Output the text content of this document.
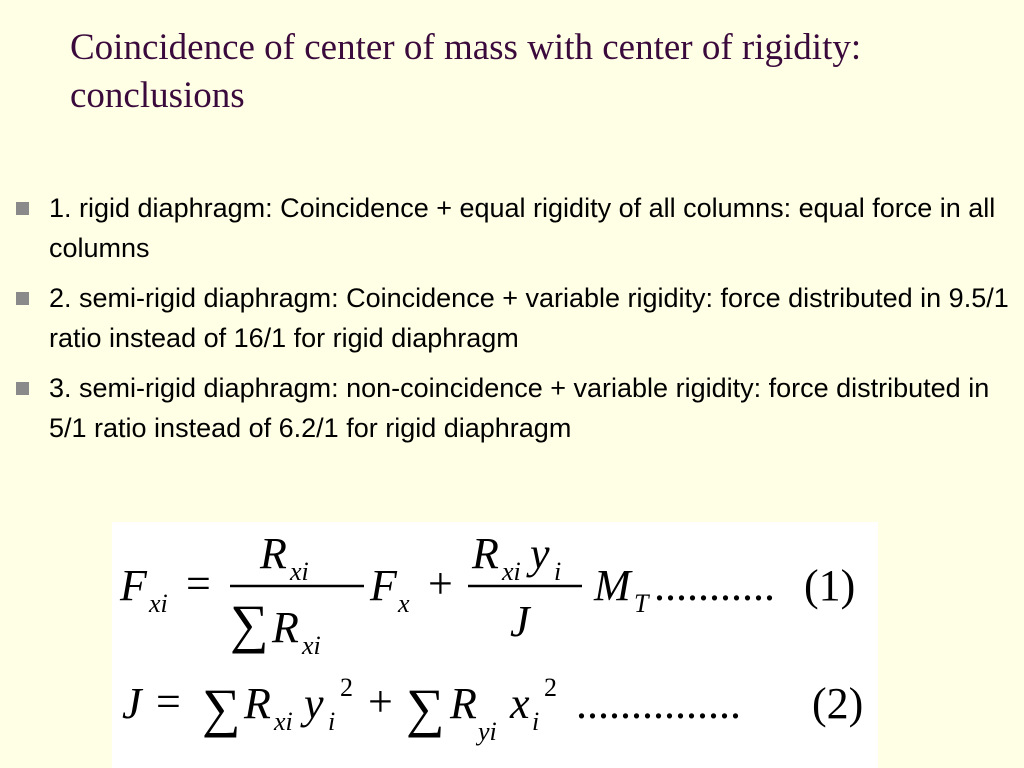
Coincidence of center of mass with center of rigidity: conclusions
1. rigid diaphragm: Coincidence + equal rigidity of all columns: equal force in all columns
2. semi-rigid diaphragm: Coincidence + variable rigidity: force distributed in 9.5/1 ratio instead of 16/1 for rigid diaphragm
3. semi-rigid diaphragm: non-coincidence + variable rigidity: force distributed in 5/1 ratio instead of 6.2/1 for rigid diaphragm
F xi =
R xi
∑ R xi
F x +
R xi y i
J
M T ........... (1)
J = ∑ R xi y i
2 + ∑ R
yi
x i
2 ............... (2)
